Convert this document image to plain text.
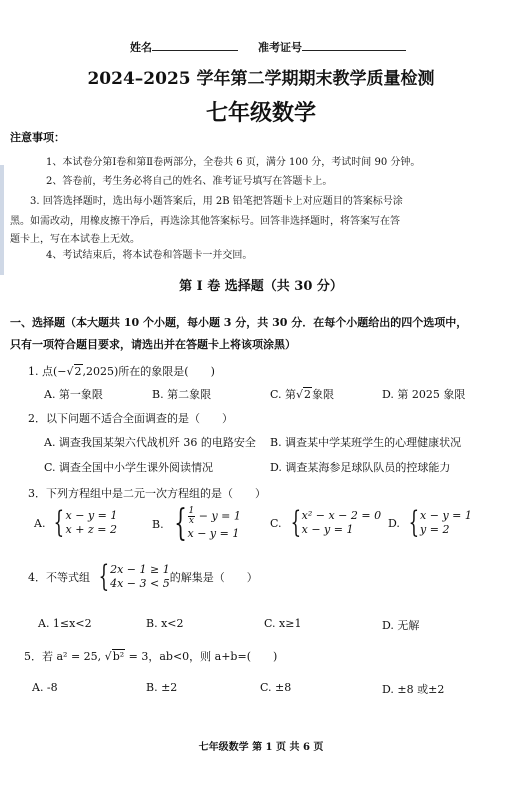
姓名	准考证号
2024–2025 学年第二学期期末教学质量检测
七年级数学
注意事项：
1、本试卷分第Ⅰ卷和第Ⅱ卷两部分，全卷共 6 页，满分 100 分，考试时间 90 分钟。
2、答卷前，考生务必将自己的姓名、准考证号填写在答题卡上。
3. 回答选择题时，选出每小题答案后，用 2B 铅笔把答题卡上对应题目的答案标号涂
黑。如需改动，用橡皮擦干净后，再选涂其他答案标号。回答非选择题时，将答案写在答
题卡上，写在本试卷上无效。
4、考试结束后，将本试卷和答题卡一并交回。
第 I 卷 选择题（共 30 分）
一、选择题（本大题共 10 个小题，每小题 3 分，共 30 分．在每个小题给出的四个选项中，
只有一项符合题目要求，请选出并在答题卡上将该项涂黑）
1. 点(−√2,2025)所在的象限是(　　)
A. 第一象限	B. 第二象限	C. 第√2象限	D. 第 2025 象限
2．以下问题不适合全面调查的是（　　）
A. 调查我国某架六代战机歼 36 的电路安全 B. 调查某中学某班学生的心理健康状况
C. 调查全国中小学生课外阅读情况	D. 调查某海参足球队队员的控球能力
3．下列方程组中是二元一次方程组的是（　　）
A. { x − y = 1
x + z = 2	B. { $\frac{1}{x} - y = 1$
x − y = 1
C. { x² − x − 2 = 0
x − y = 1	D. { x − y = 1
y = 2
4．不等式组 { 2x − 1 ≥ 1
4x − 3 < 5 的解集是（　　）
A. 1≤x<2	B. x<2	C. x≥1	D. 无解
5．若 a² = 25, √b² = 3，ab<0，则 a+b=(　　)
A. -8	B. ±2	C. ±8	D. ±8 或±2
七年级数学 第 1 页 共 6 页
